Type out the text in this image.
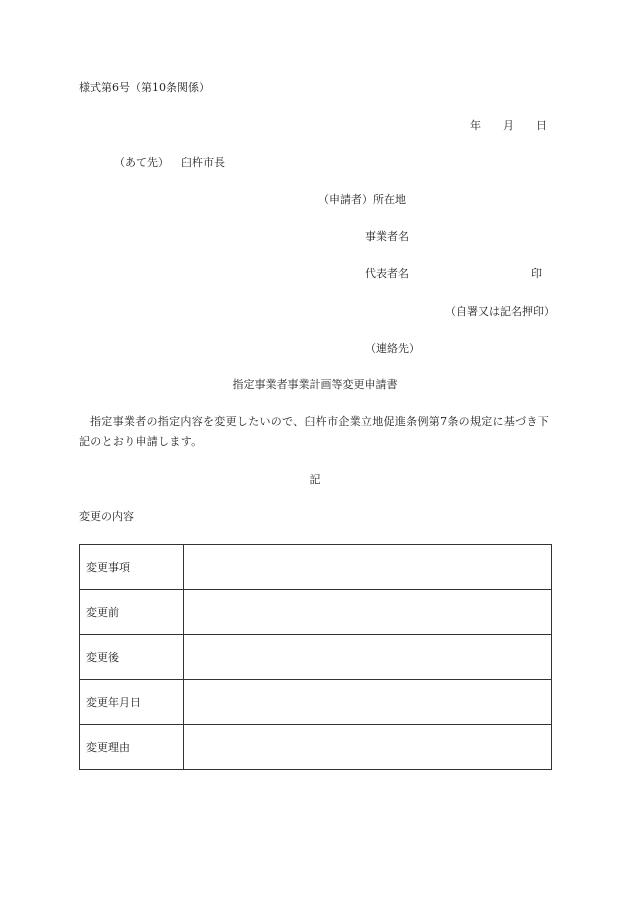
様式第6号（第10条関係）
年 月 日
（あて先） 臼杵市長
（申請者）所在地
事業者名
代表者名	印
（自署又は記名押印）
（連絡先）
指定事業者事業計画等変更申請書
指定事業者の指定内容を変更したいので、臼杵市企業立地促進条例第7条の規定に基づき下記のとおり申請します。
記
変更の内容
変更事項	
変更前	
変更後	
変更年月日	
変更理由	
